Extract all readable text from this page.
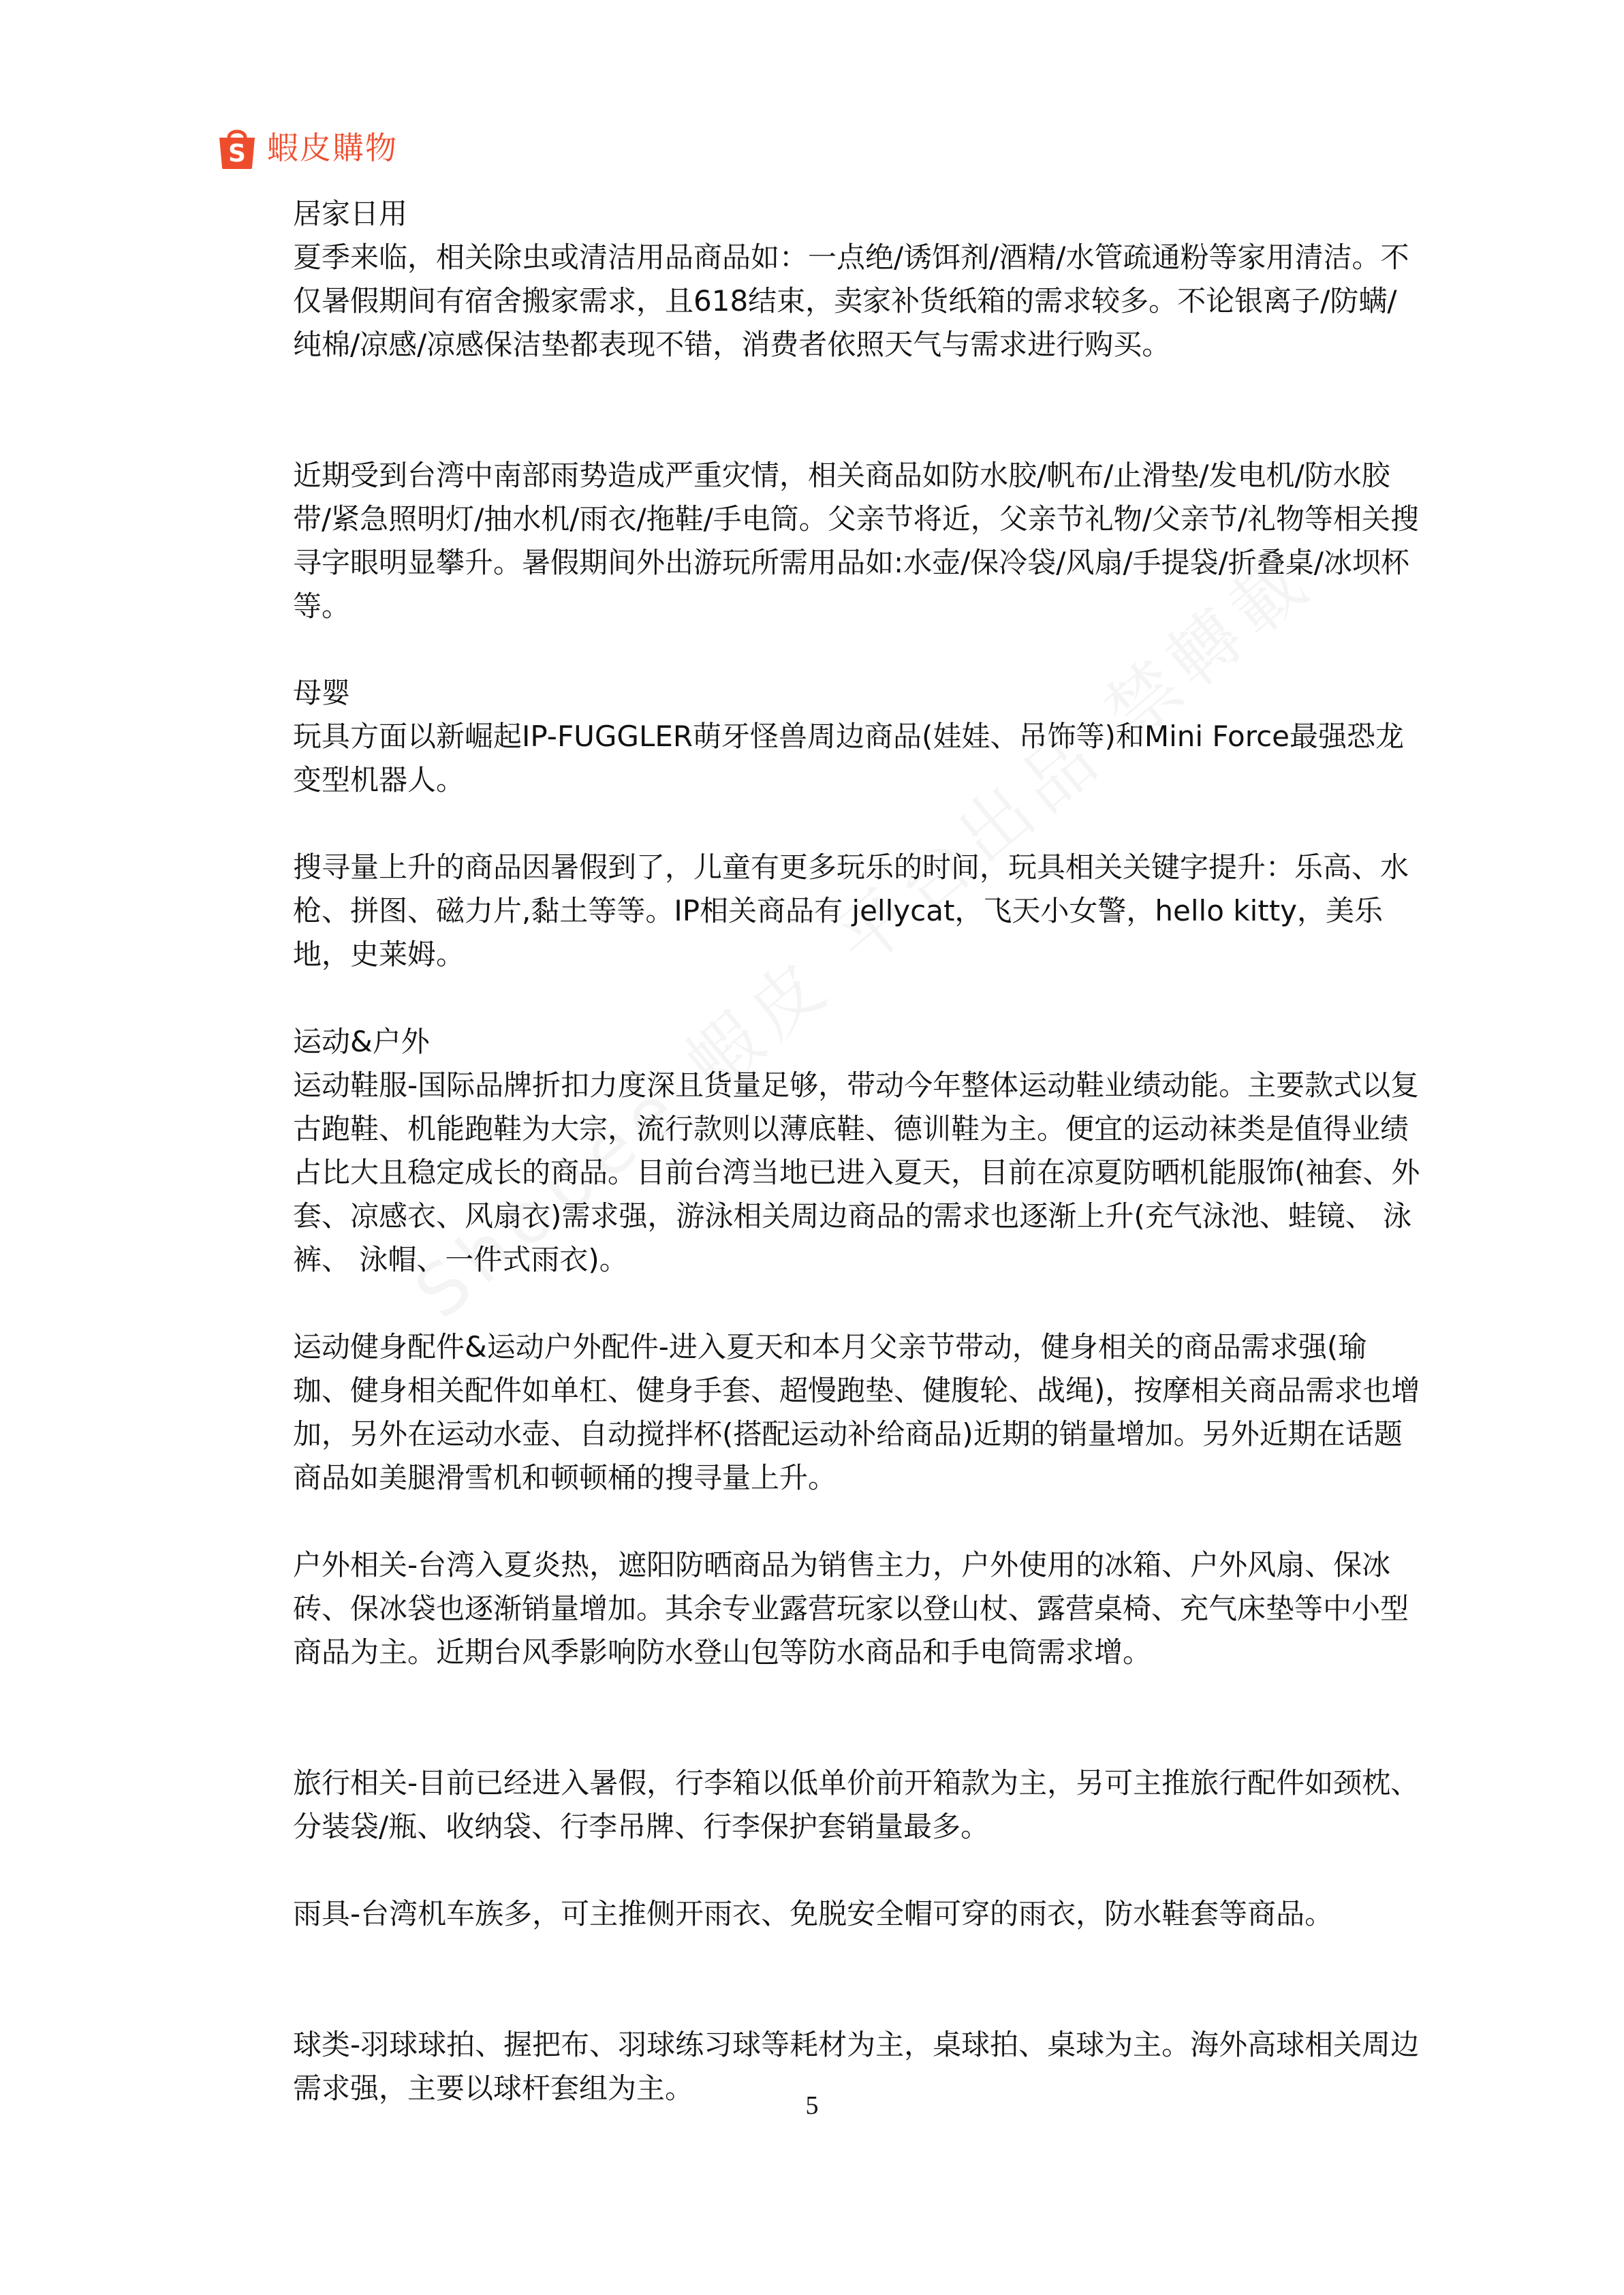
S 蝦皮購物

居家日用

夏季来临，相关除虫或清洁用品商品如：一点绝/诱饵剂/酒精/水管疏通粉等家用清洁。不仅暑假期间有宿舍搬家需求，且618结束，卖家补货纸箱的需求较多。不论银离子/防螨/纯棉/凉感/凉感保洁垫都表现不错，消费者依照天气与需求进行购买。

近期受到台湾中南部雨势造成严重灾情，相关商品如防水胶/帆布/止滑垫/发电机/防水胶带/紧急照明灯/抽水机/雨衣/拖鞋/手电筒。父亲节将近，父亲节礼物/父亲节/礼物等相关搜寻字眼明显攀升。暑假期间外出游玩所需用品如:水壶/保冷袋/风扇/手提袋/折叠桌/冰坝杯等。

母婴

玩具方面以新崛起IP-FUGGLER萌牙怪兽周边商品(娃娃、吊饰等)和Mini Force最强恐龙变型机器人。

搜寻量上升的商品因暑假到了，儿童有更多玩乐的时间，玩具相关关键字提升：乐高、水枪、拼图、磁力片,黏土等等。IP相关商品有 jellycat，飞天小女警，hello kitty，美乐地，史莱姆。

运动&户外

运动鞋服-国际品牌折扣力度深且货量足够，带动今年整体运动鞋业绩动能。主要款式以复古跑鞋、机能跑鞋为大宗，流行款则以薄底鞋、德训鞋为主。便宜的运动袜类是值得业绩占比大且稳定成长的商品。目前台湾当地已进入夏天，目前在凉夏防晒机能服饰(袖套、外套、凉感衣、风扇衣)需求强，游泳相关周边商品的需求也逐渐上升(充气泳池、蛙镜、 泳裤、 泳帽、一件式雨衣)。

运动健身配件&运动户外配件-进入夏天和本月父亲节带动，健身相关的商品需求强(瑜珈、健身相关配件如单杠、健身手套、超慢跑垫、健腹轮、战绳)，按摩相关商品需求也增加，另外在运动水壶、自动搅拌杯(搭配运动补给商品)近期的销量增加。另外近期在话题商品如美腿滑雪机和顿顿桶的搜寻量上升。

户外相关-台湾入夏炎热，遮阳防晒商品为销售主力，户外使用的冰箱、户外风扇、保冰砖、保冰袋也逐渐销量增加。其余专业露营玩家以登山杖、露营桌椅、充气床垫等中小型商品为主。近期台风季影响防水登山包等防水商品和手电筒需求增。

旅行相关-目前已经进入暑假，行李箱以低单价前开箱款为主，另可主推旅行配件如颈枕、分装袋/瓶、收纳袋、行李吊牌、行李保护套销量最多。

雨具-台湾机车族多，可主推侧开雨衣、免脱安全帽可穿的雨衣，防水鞋套等商品。

球类-羽球球拍、握把布、羽球练习球等耗材为主，桌球拍、桌球为主。海外高球相关周边需求强，主要以球杆套组为主。

5
